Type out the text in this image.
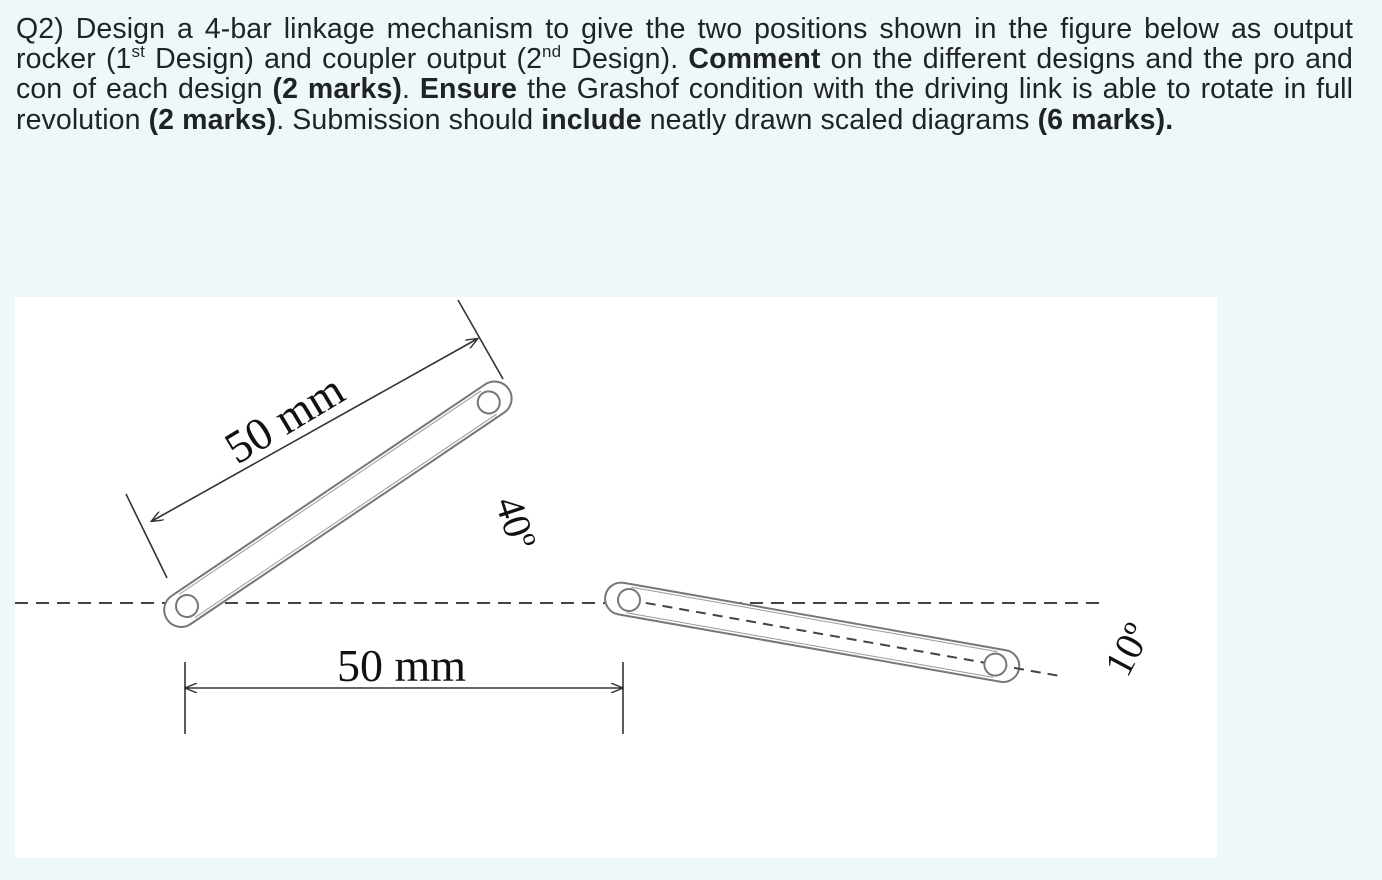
Q2) Design a 4-bar linkage mechanism to give the two positions shown in the figure below as output rocker (1st Design) and coupler output (2nd Design). Comment on the different designs and the pro and con of each design (2 marks). Ensure the Grashof condition with the driving link is able to rotate in full revolution (2 marks). Submission should include neatly drawn scaled diagrams (6 marks).
50 mm
40º
10º
50 mm
